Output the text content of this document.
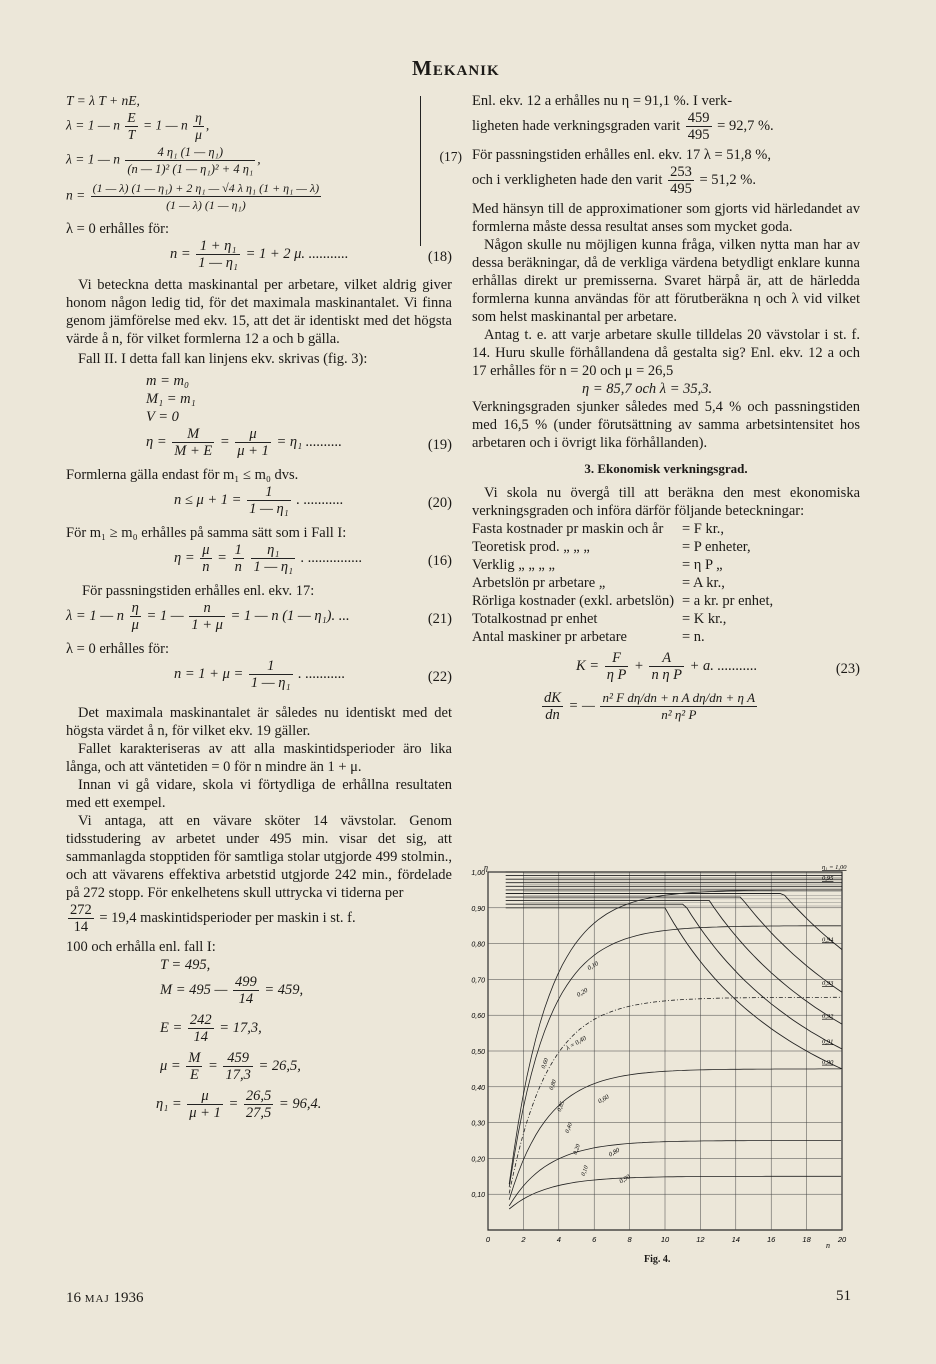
Mekanik
T = λ T + nE,
λ = 1 — n $\frac{E}{T} = 1$ — n $\frac{\eta}{\mu}$ ,
λ = 1 — n $\frac{\text{4 η₁ (1 — η₁)}}{\text{(n — 1)² (1 — η₁)² + 4 η₁}}$ ,	(17)
$n = \frac{\text{(1 — λ) (1 — η₁) + 2 η₁ — √4 λ η₁ (1 + η₁ — λ)}}{\text{(1 — λ) (1 — η₁)}}$
λ = 0 erhålles för:
$n = \frac{\text{1 + η₁}}{\text{1 — η₁}} = 1 + 2$ μ. ...........	(18)

Vi beteckna detta maskinantal per arbetare, vilket aldrig giver honom någon ledig tid, för det maximala maskinantalet. Vi finna genom jämförelse med ekv. 15, att det är identiskt med det högsta värde å n, för vilket formlerna 12 a och b gälla.

Fall II. I detta fall kan linjens ekv. skrivas (fig. 3):

m = m₀
M₁ = m₁
V = 0
$\eta = \frac{M}{M + E} = \frac{\mu}{\mu + 1} = \eta_1$ ..........	(19)
Formlerna gälla endast för m₁ ≤ m₀ dvs.
$n \le \mu + 1 = \frac{1}{\text{1 — η₁}}$ . ...........	(20)
För m₁ ≥ m₀ erhålles på samma sätt som i Fall I:
$\eta = \frac{\mu}{n} = \frac{1}{n}$
$\frac{\text{η₁}}{\text{1 — η₁}}$ . ...............	(16)
För passningstiden erhålles enl. ekv. 17:
λ = 1 — n $\frac{\eta}{\mu} = 1$ — $\frac{n}{1 + \mu} = 1$ — n (1 — η₁). ...	(21)
λ = 0 erhålles för:
$n = 1 + \mu = \frac{1}{\text{1 — η₁}}$ . ...........	(22)

Det maximala maskinantalet är således nu identiskt med det högsta värdet å n, för vilket ekv. 19 gäller.

Fallet karakteriseras av att alla maskintidsperioder äro lika långa, och att väntetiden = 0 för n mindre än 1 + μ.

Innan vi gå vidare, skola vi förtydliga de erhållna resultaten med ett exempel.

Vi antaga, att en vävare sköter 14 vävstolar. Genom tidsstudering av arbetet under 495 min. visar det sig, att sammanlagda stopptiden för samtliga stolar utgjorde 499 stolmin., och att vävarens effektiva arbetstid utgjorde 242 min., fördelade på 272 stopp. För enkelhetens skull uttrycka vi tiderna per

$\frac{272}{14} = 19,4$ maskintidsperioder per maskin i st. f.
100 och erhålla enl. fall I:
T = 495,
M = 495 — $\frac{499}{14} = 459$,
$E = \frac{242}{14} = 17,3$,
$\mu = \frac{M}{E} = \frac{459}{17,3} = 26,5$,
$\eta_1 = \frac{\mu}{\mu + 1} = \frac{26,5}{27,5} = 96,4$.
Enl. ekv. 12 a erhålles nu η = 91,1 %. I verk-
ligheten hade verkningsgraden varit $\frac{459}{495} = 92,7$ %.
För passningstiden erhålles enl. ekv. 17 λ = 51,8 %,
och i verkligheten hade den varit $\frac{253}{495} = 51,2$ %.

Med hänsyn till de approximationer som gjorts vid härledandet av formlerna måste dessa resultat anses som mycket goda.

Någon skulle nu möjligen kunna fråga, vilken nytta man har av dessa beräkningar, då de verkliga värdena betydligt enklare kunna erhållas direkt ur premisserna. Svaret härpå är, att de härledda formlerna kunna användas för att förutberäkna η och λ vid vilket som helst maskinantal per arbetare.

Antag t. e. att varje arbetare skulle tilldelas 20 vävstolar i st. f. 14. Huru skulle förhållandena då gestalta sig? Enl. ekv. 12 a och 17 erhålles för n = 20 och μ = 26,5

η = 85,7 och λ = 35,3.

Verkningsgraden sjunker således med 5,4 % och passningstiden med 16,5 % (under förutsättning av samma arbetsintensitet hos arbetaren och i övrigt lika förhållanden).

3. Ekonomisk verkningsgrad.

Vi skola nu övergå till att beräkna den mest ekonomiska verkningsgraden och införa därför följande beteckningar:

Fasta kostnader pr maskin och år	= F kr.,
Teoretisk prod. „ „ „	= P enheter,
Verklig „ „ „ „	= η P „
Arbetslön pr arbetare „	= A kr.,
Rörliga kostnader (exkl. arbetslön) = a kr. pr enhet,
Totalkostnad pr enhet	= K kr.,
Antal maskiner pr arbetare	= n.
$K = \frac{F}{\text{η P}} + \frac{A}{\text{n η P}} + a$. ...........	(23)
$\frac{dK}{dn}$ = — $\frac{\text{n² F dη/dn + n A dη/dn + η A}}{\text{n² η² P}}$
0,10
0,20
0,30
0,40
0,50
0,60
0,70
0,80
0,90
1,00
0	2	4	6	8	10	12	14	16	18	20
η
n
η₁ = 1,00
0,95
0,94
0,93
0,92
0,91
0,90
λ = 0,40
0,20
0,10
0,60
0,80
0,90
0,60
0,80
0,85
0,40
0,20
0,10
Fig. 4.
16 MAJ 1936	51
